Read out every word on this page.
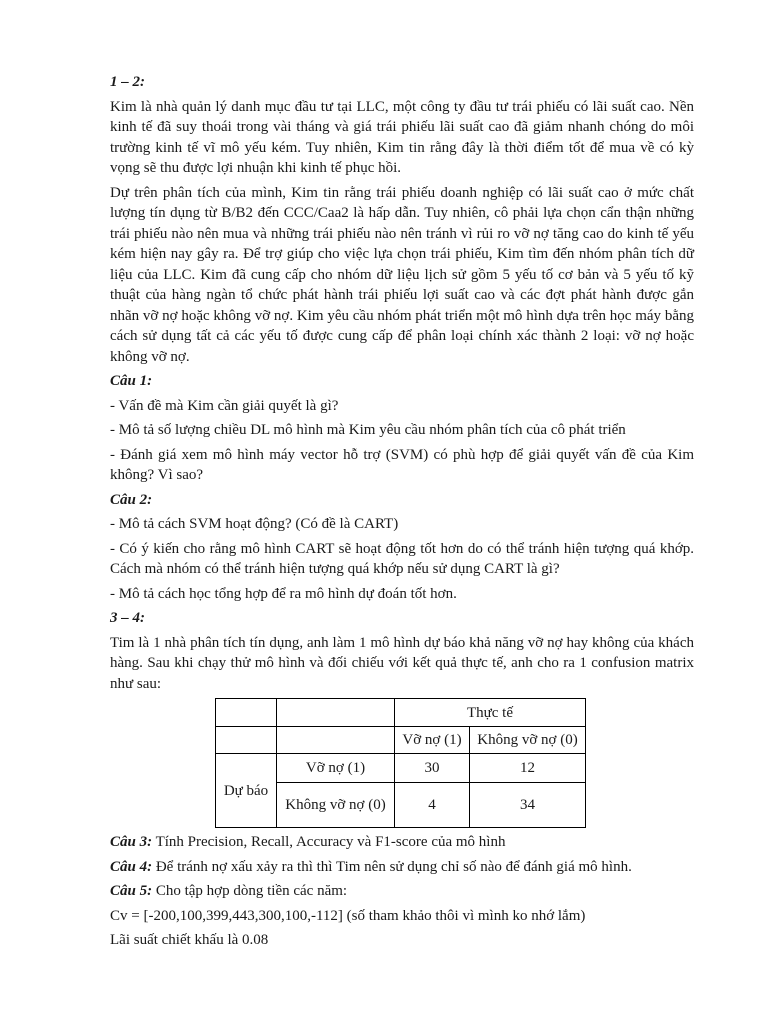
1 – 2:

Kim là nhà quản lý danh mục đầu tư tại LLC, một công ty đầu tư trái phiếu có lãi suất cao. Nền kinh tế đã suy thoái trong vài tháng và giá trái phiếu lãi suất cao đã giảm nhanh chóng do môi trường kinh tế vĩ mô yếu kém. Tuy nhiên, Kim tin rằng đây là thời điểm tốt để mua về có kỳ vọng sẽ thu được lợi nhuận khi kinh tế phục hồi.

Dự trên phân tích của mình, Kim tin rằng trái phiếu doanh nghiệp có lãi suất cao ở mức chất lượng tín dụng từ B/B2 đến CCC/Caa2 là hấp dẫn. Tuy nhiên, cô phải lựa chọn cẩn thận những trái phiếu nào nên mua và những trái phiếu nào nên tránh vì rủi ro vỡ nợ tăng cao do kinh tế yếu kém hiện nay gây ra. Để trợ giúp cho việc lựa chọn trái phiếu, Kim tìm đến nhóm phân tích dữ liệu của LLC. Kim đã cung cấp cho nhóm dữ liệu lịch sử gồm 5 yếu tố cơ bản và 5 yếu tố kỹ thuật của hàng ngàn tổ chức phát hành trái phiếu lợi suất cao và các đợt phát hành được gắn nhãn vỡ nợ hoặc không vỡ nợ. Kim yêu cầu nhóm phát triển một mô hình dựa trên học máy bằng cách sử dụng tất cả các yếu tố được cung cấp để phân loại chính xác thành 2 loại: vỡ nợ hoặc không vỡ nợ.

Câu 1:

- Vấn đề mà Kim cần giải quyết là gì?

- Mô tả số lượng chiều DL mô hình mà Kim yêu cầu nhóm phân tích của cô phát triển

- Đánh giá xem mô hình máy vector hỗ trợ (SVM) có phù hợp để giải quyết vấn đề của Kim không? Vì sao?

Câu 2:

- Mô tả cách SVM hoạt động? (Có đề là CART)

- Có ý kiến cho rằng mô hình CART sẽ hoạt động tốt hơn do có thể tránh hiện tượng quá khớp. Cách mà nhóm có thể tránh hiện tượng quá khớp nếu sử dụng CART là gì?

- Mô tả cách học tổng hợp để ra mô hình dự đoán tốt hơn.

3 – 4:

Tim là 1 nhà phân tích tín dụng, anh làm 1 mô hình dự báo khả năng vỡ nợ hay không của khách hàng. Sau khi chạy thử mô hình và đối chiếu với kết quả thực tế, anh cho ra 1 confusion matrix như sau:

		Thực tế	
		Vỡ nợ (1)	Không vỡ nợ (0)
Dự báo	Vỡ nợ (1)	30	12
	Không vỡ nợ (0)	4	34

Câu 3: Tính Precision, Recall, Accuracy và F1-score của mô hình

Câu 4: Để tránh nợ xấu xảy ra thì thì Tim nên sử dụng chỉ số nào để đánh giá mô hình.

Câu 5: Cho tập hợp dòng tiền các năm:

Cv = [-200,100,399,443,300,100,-112] (số tham khảo thôi vì mình ko nhớ lắm)

Lãi suất chiết khấu là 0.08
